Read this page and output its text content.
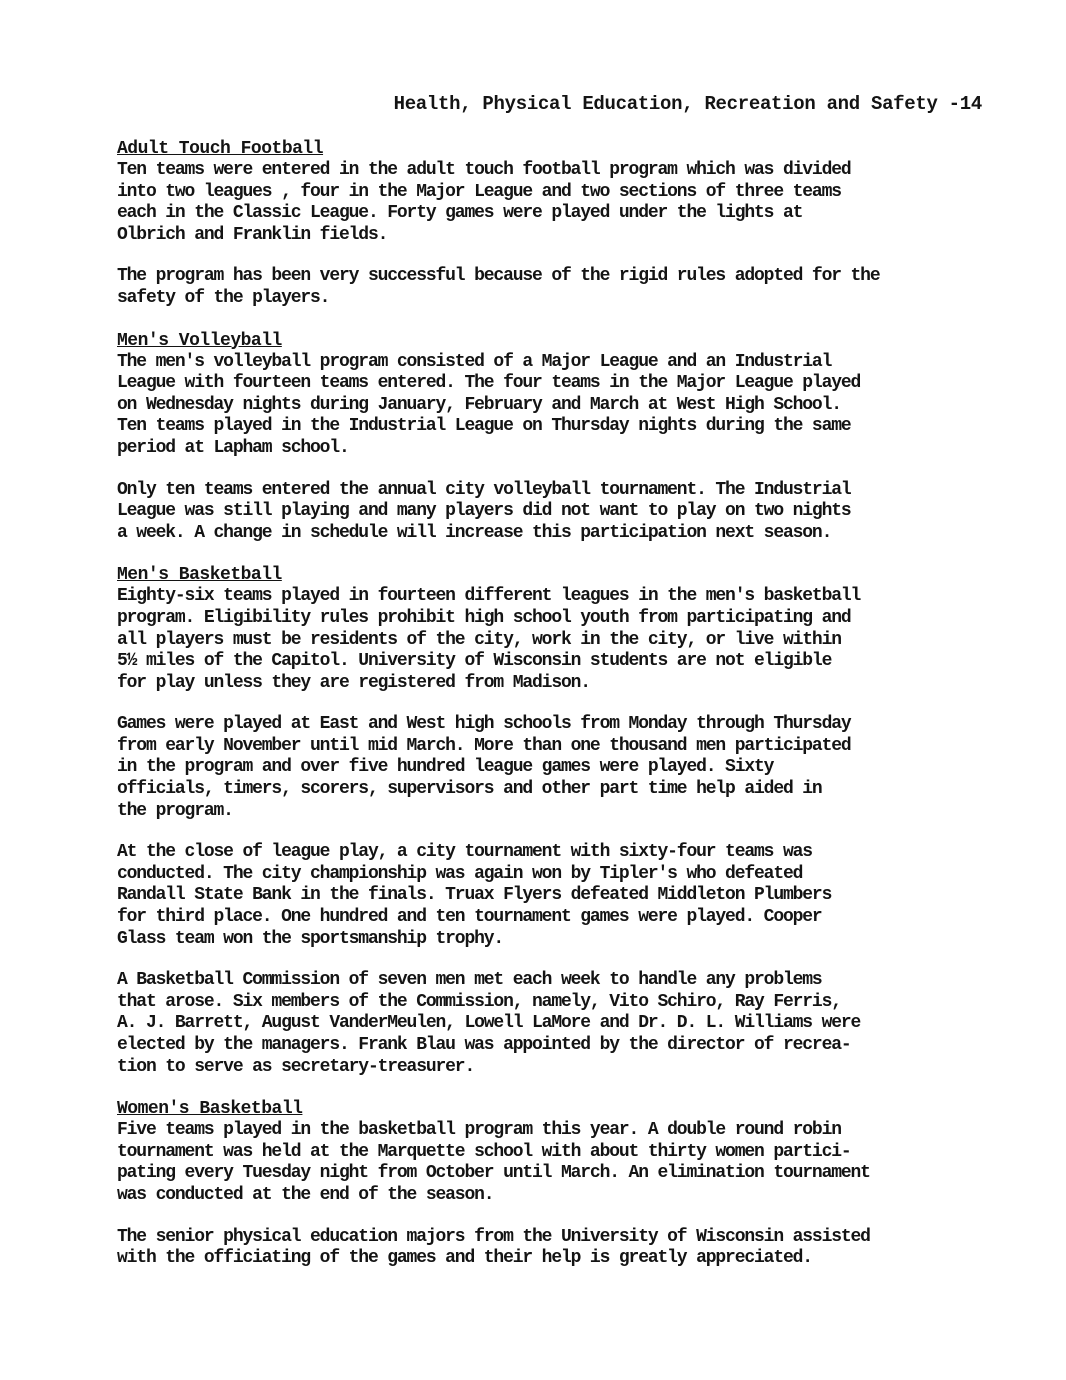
Health, Physical Education, Recreation and Safety -14
Adult Touch Football
Ten teams were entered in the adult touch football program which was divided
into two leagues , four in the Major League and two sections of three teams
each in the Classic League. Forty games were played under the lights at
Olbrich and Franklin fields.
The program has been very successful because of the rigid rules adopted for the
safety of the players.
Men's Volleyball
The men's volleyball program consisted of a Major League and an Industrial
League with fourteen teams entered. The four teams in the Major League played
on Wednesday nights during January, February and March at West High School.
Ten teams played in the Industrial League on Thursday nights during the same
period at Lapham school.
Only ten teams entered the annual city volleyball tournament. The Industrial
League was still playing and many players did not want to play on two nights
a week. A change in schedule will increase this participation next season.
Men's Basketball
Eighty-six teams played in fourteen different leagues in the men's basketball
program. Eligibility rules prohibit high school youth from participating and
all players must be residents of the city, work in the city, or live within
5½ miles of the Capitol. University of Wisconsin students are not eligible
for play unless they are registered from Madison.
Games were played at East and West high schools from Monday through Thursday
from early November until mid March. More than one thousand men participated
in the program and over five hundred league games were played. Sixty
officials, timers, scorers, supervisors and other part time help aided in
the program.
At the close of league play, a city tournament with sixty-four teams was
conducted. The city championship was again won by Tipler's who defeated
Randall State Bank in the finals. Truax Flyers defeated Middleton Plumbers
for third place. One hundred and ten tournament games were played. Cooper
Glass team won the sportsmanship trophy.
A Basketball Commission of seven men met each week to handle any problems
that arose. Six members of the Commission, namely, Vito Schiro, Ray Ferris,
A. J. Barrett, August VanderMeulen, Lowell LaMore and Dr. D. L. Williams were
elected by the managers. Frank Blau was appointed by the director of recrea-
tion to serve as secretary-treasurer.
Women's Basketball
Five teams played in the basketball program this year. A double round robin
tournament was held at the Marquette school with about thirty women partici-
pating every Tuesday night from October until March. An elimination tournament
was conducted at the end of the season.
The senior physical education majors from the University of Wisconsin assisted
with the officiating of the games and their help is greatly appreciated.
